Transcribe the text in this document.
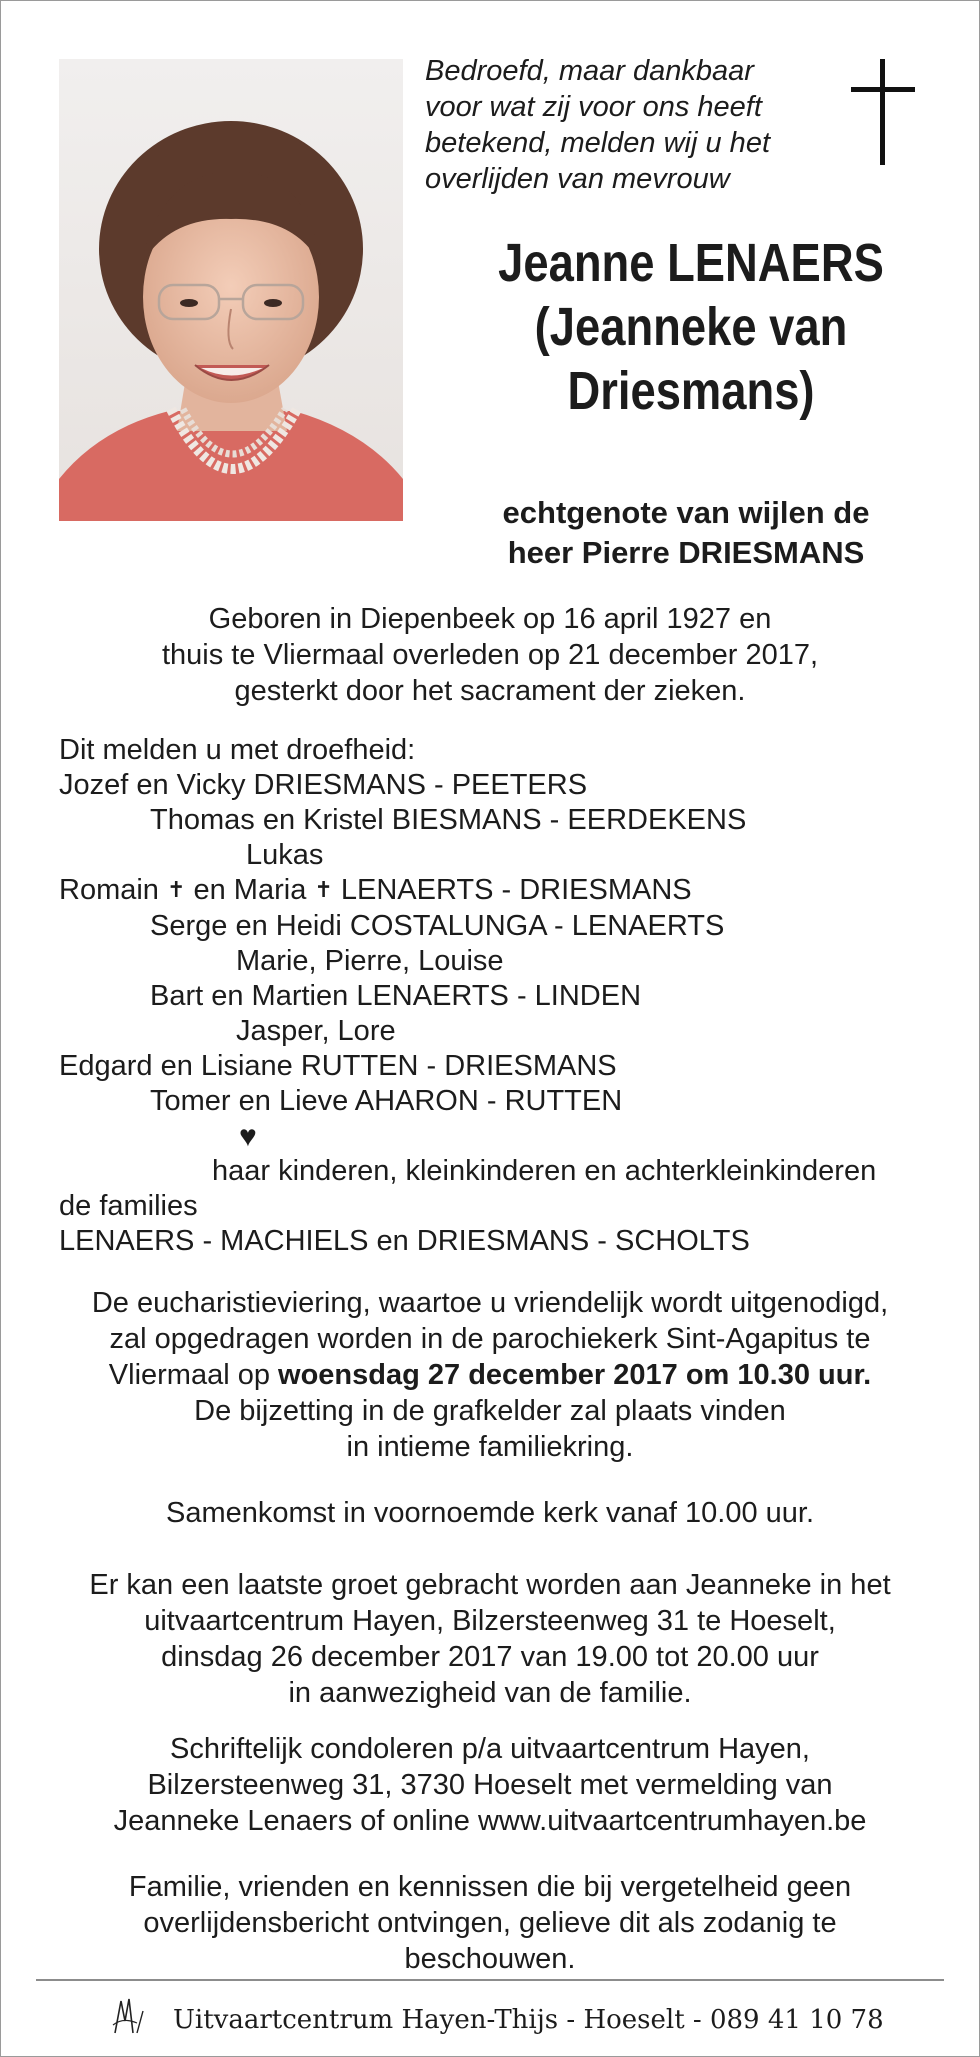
Bedroefd, maar dankbaar
voor wat zij voor ons heeft
betekend, melden wij u het
overlijden van mevrouw
Jeanne LENAERS
(Jeanneke van
Driesmans)
echtgenote van wijlen de
heer Pierre DRIESMANS
Geboren in Diepenbeek op 16 april 1927 en
thuis te Vliermaal overleden op 21 december 2017,
gesterkt door het sacrament der zieken.
Dit melden u met droefheid:
Jozef en Vicky DRIESMANS - PEETERS
Thomas en Kristel BIESMANS - EERDEKENS
Lukas
Romain ✝ en Maria ✝ LENAERTS - DRIESMANS
Serge en Heidi COSTALUNGA - LENAERTS
Marie, Pierre, Louise
Bart en Martien LENAERTS - LINDEN
Jasper, Lore
Edgard en Lisiane RUTTEN - DRIESMANS
Tomer en Lieve AHARON - RUTTEN
♥
haar kinderen, kleinkinderen en achterkleinkinderen
de families
LENAERS - MACHIELS en DRIESMANS - SCHOLTS
De eucharistieviering, waartoe u vriendelijk wordt uitgenodigd,
zal opgedragen worden in de parochiekerk Sint-Agapitus te
Vliermaal op woensdag 27 december 2017 om 10.30 uur.
De bijzetting in de grafkelder zal plaats vinden
in intieme familiekring.
Samenkomst in voornoemde kerk vanaf 10.00 uur.
Er kan een laatste groet gebracht worden aan Jeanneke in het
uitvaartcentrum Hayen, Bilzersteenweg 31 te Hoeselt,
dinsdag 26 december 2017 van 19.00 tot 20.00 uur
in aanwezigheid van de familie.
Schriftelijk condoleren p/a uitvaartcentrum Hayen,
Bilzersteenweg 31, 3730 Hoeselt met vermelding van
Jeanneke Lenaers of online www.uitvaartcentrumhayen.be
Familie, vrienden en kennissen die bij vergetelheid geen
overlijdensbericht ontvingen, gelieve dit als zodanig te
beschouwen.
Uitvaartcentrum Hayen-Thijs - Hoeselt - 089 41 10 78
